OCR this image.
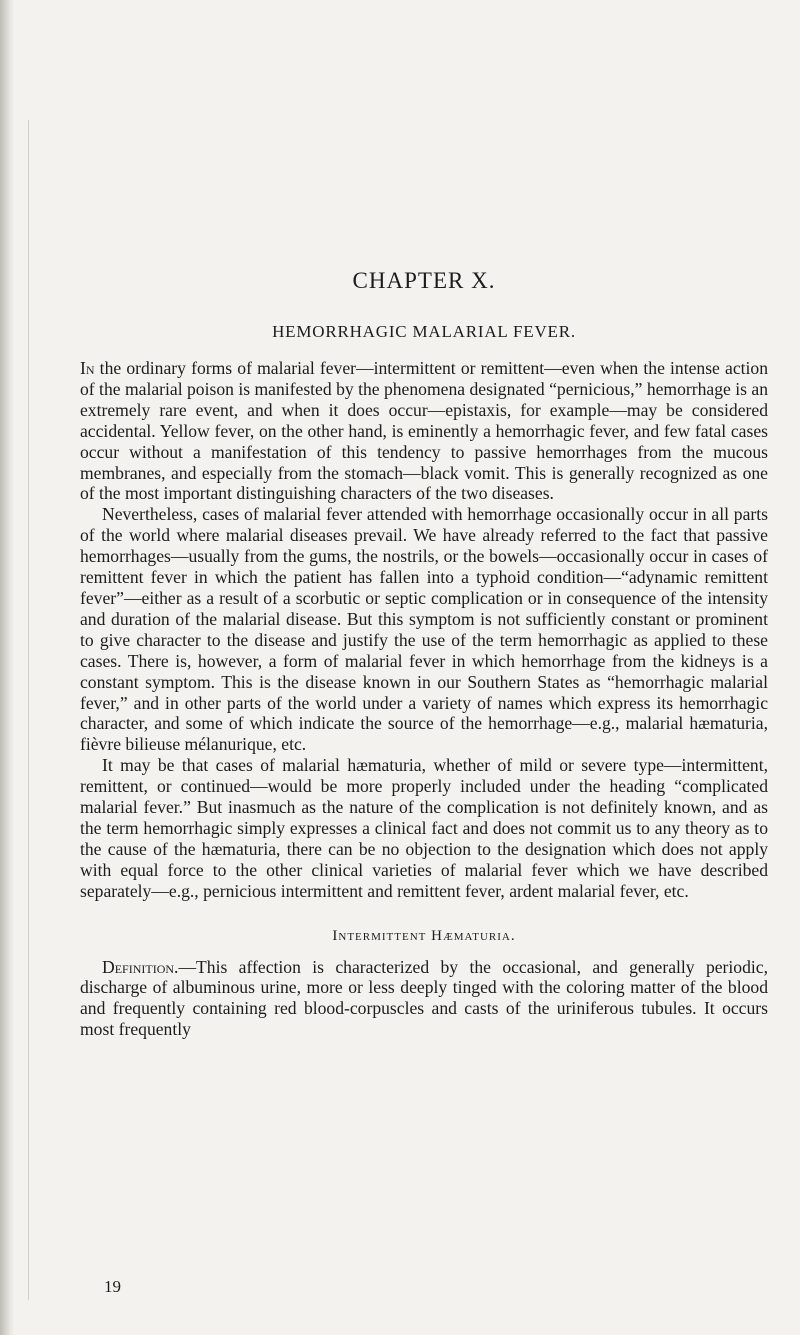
CHAPTER X.
HEMORRHAGIC MALARIAL FEVER.

In the ordinary forms of malarial fever—intermittent or remittent—even when the intense action of the malarial poison is manifested by the phenomena designated “pernicious,” hemorrhage is an extremely rare event, and when it does occur—epistaxis, for example—may be considered accidental. Yellow fever, on the other hand, is eminently a hemorrhagic fever, and few fatal cases occur without a manifestation of this tendency to passive hemorrhages from the mucous membranes, and especially from the stomach—black vomit. This is generally recognized as one of the most important distinguishing characters of the two diseases.

Nevertheless, cases of malarial fever attended with hemorrhage occasionally occur in all parts of the world where malarial diseases prevail. We have already referred to the fact that passive hemorrhages—usually from the gums, the nostrils, or the bowels—occasionally occur in cases of remittent fever in which the patient has fallen into a typhoid condition—“adynamic remittent fever”—either as a result of a scorbutic or septic complication or in consequence of the intensity and duration of the malarial disease. But this symptom is not sufficiently constant or prominent to give character to the disease and justify the use of the term hemorrhagic as applied to these cases. There is, however, a form of malarial fever in which hemorrhage from the kidneys is a constant symptom. This is the disease known in our Southern States as “hemorrhagic malarial fever,” and in other parts of the world under a variety of names which express its hemorrhagic character, and some of which indicate the source of the hemorrhage—e.g., malarial hæmaturia, fièvre bilieuse mélanurique, etc.

It may be that cases of malarial hæmaturia, whether of mild or severe type—intermittent, remittent, or continued—would be more properly included under the heading “complicated malarial fever.” But inasmuch as the nature of the complication is not definitely known, and as the term hemorrhagic simply expresses a clinical fact and does not commit us to any theory as to the cause of the hæmaturia, there can be no objection to the designation which does not apply with equal force to the other clinical varieties of malarial fever which we have described separately—e.g., pernicious intermittent and remittent fever, ardent malarial fever, etc.

Intermittent Hæmaturia.

Definition.—This affection is characterized by the occasional, and generally periodic, discharge of albuminous urine, more or less deeply tinged with the coloring matter of the blood and frequently containing red blood-corpuscles and casts of the uriniferous tubules. It occurs most frequently

19
